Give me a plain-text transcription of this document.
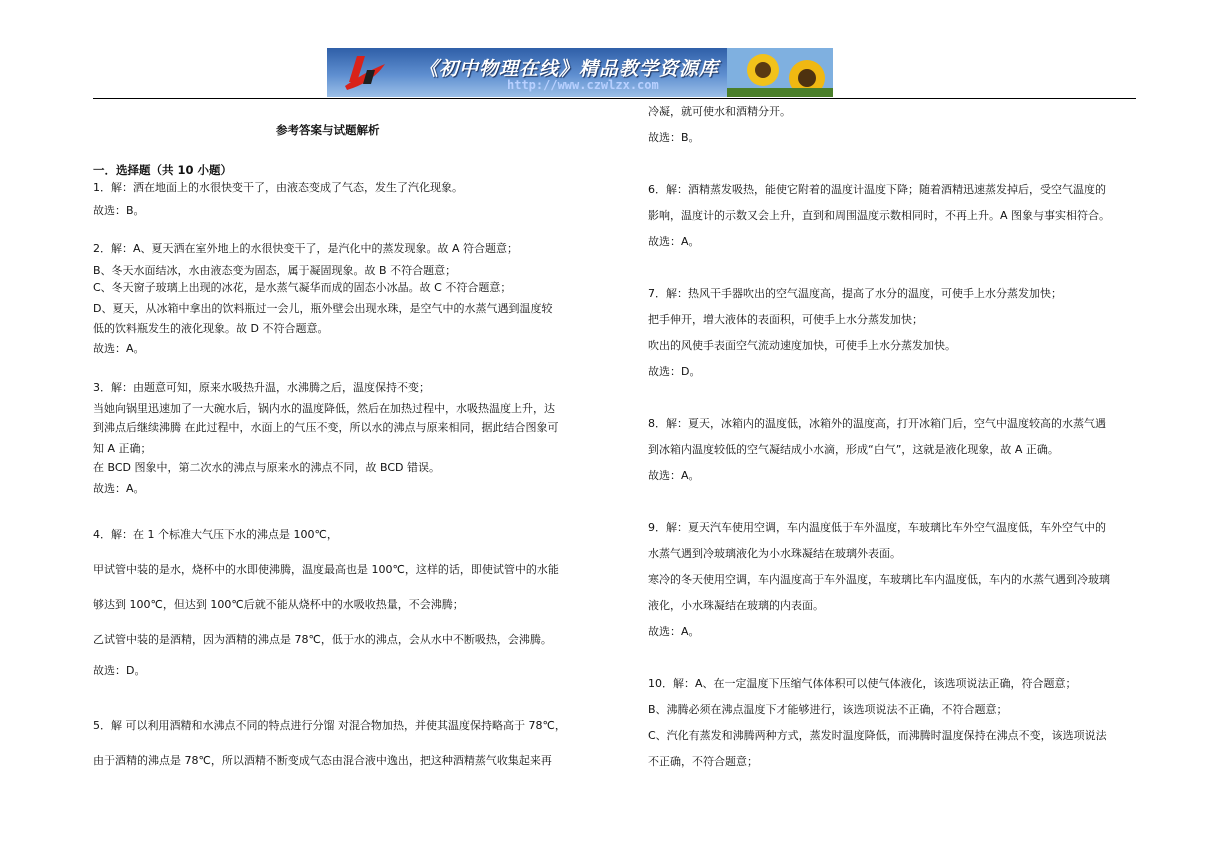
《初中物理在线》精品教学资源库
http://www.czwlzx.com

参考答案与试题解析

一．选择题（共 10 小题）

1．解：洒在地面上的水很快变干了，由液态变成了气态，发生了汽化现象。

故选：B。

2．解：A、夏天洒在室外地上的水很快变干了，是汽化中的蒸发现象。故 A 符合题意；

B、冬天水面结冰，水由液态变为固态，属于凝固现象。故 B 不符合题意；

C、冬天窗子玻璃上出现的冰花，是水蒸气凝华而成的固态小冰晶。故 C 不符合题意；

D、夏天，从冰箱中拿出的饮料瓶过一会儿，瓶外壁会出现水珠，是空气中的水蒸气遇到温度较

低的饮料瓶发生的液化现象。故 D 不符合题意。

故选：A。

3．解：由题意可知，原来水吸热升温，水沸腾之后，温度保持不变；

当她向锅里迅速加了一大碗水后，锅内水的温度降低，然后在加热过程中，水吸热温度上升，达

到沸点后继续沸腾 在此过程中，水面上的气压不变，所以水的沸点与原来相同，据此结合图象可

知 A 正确；

在 BCD 图象中，第二次水的沸点与原来水的沸点不同，故 BCD 错误。

故选：A。

4．解：在 1 个标准大气压下水的沸点是 100℃，

甲试管中装的是水，烧杯中的水即使沸腾，温度最高也是 100℃，这样的话，即使试管中的水能

够达到 100℃，但达到 100℃后就不能从烧杯中的水吸收热量，不会沸腾；

乙试管中装的是酒精，因为酒精的沸点是 78℃，低于水的沸点，会从水中不断吸热，会沸腾。

故选：D。

5．解 可以利用酒精和水沸点不同的特点进行分馏 对混合物加热，并使其温度保持略高于 78℃，

由于酒精的沸点是 78℃，所以酒精不断变成气态由混合液中逸出，把这种酒精蒸气收集起来再

冷凝，就可使水和酒精分开。

故选：B。

6．解：酒精蒸发吸热，能使它附着的温度计温度下降；随着酒精迅速蒸发掉后，受空气温度的

影响，温度计的示数又会上升，直到和周围温度示数相同时，不再上升。A 图象与事实相符合。

故选：A。

7．解：热风干手器吹出的空气温度高，提高了水分的温度，可使手上水分蒸发加快；

把手伸开，增大液体的表面积，可使手上水分蒸发加快；

吹出的风使手表面空气流动速度加快，可使手上水分蒸发加快。

故选：D。

8．解：夏天，冰箱内的温度低，冰箱外的温度高，打开冰箱门后，空气中温度较高的水蒸气遇

到冰箱内温度较低的空气凝结成小水滴，形成“白气”，这就是液化现象，故 A 正确。

故选：A。

9．解：夏天汽车使用空调，车内温度低于车外温度，车玻璃比车外空气温度低，车外空气中的

水蒸气遇到冷玻璃液化为小水珠凝结在玻璃外表面。

寒冷的冬天使用空调，车内温度高于车外温度，车玻璃比车内温度低，车内的水蒸气遇到冷玻璃

液化，小水珠凝结在玻璃的内表面。

故选：A。

10．解：A、在一定温度下压缩气体体积可以使气体液化，该选项说法正确，符合题意；

B、沸腾必须在沸点温度下才能够进行，该选项说法不正确，不符合题意；

C、汽化有蒸发和沸腾两种方式，蒸发时温度降低，而沸腾时温度保持在沸点不变，该选项说法

不正确，不符合题意；
